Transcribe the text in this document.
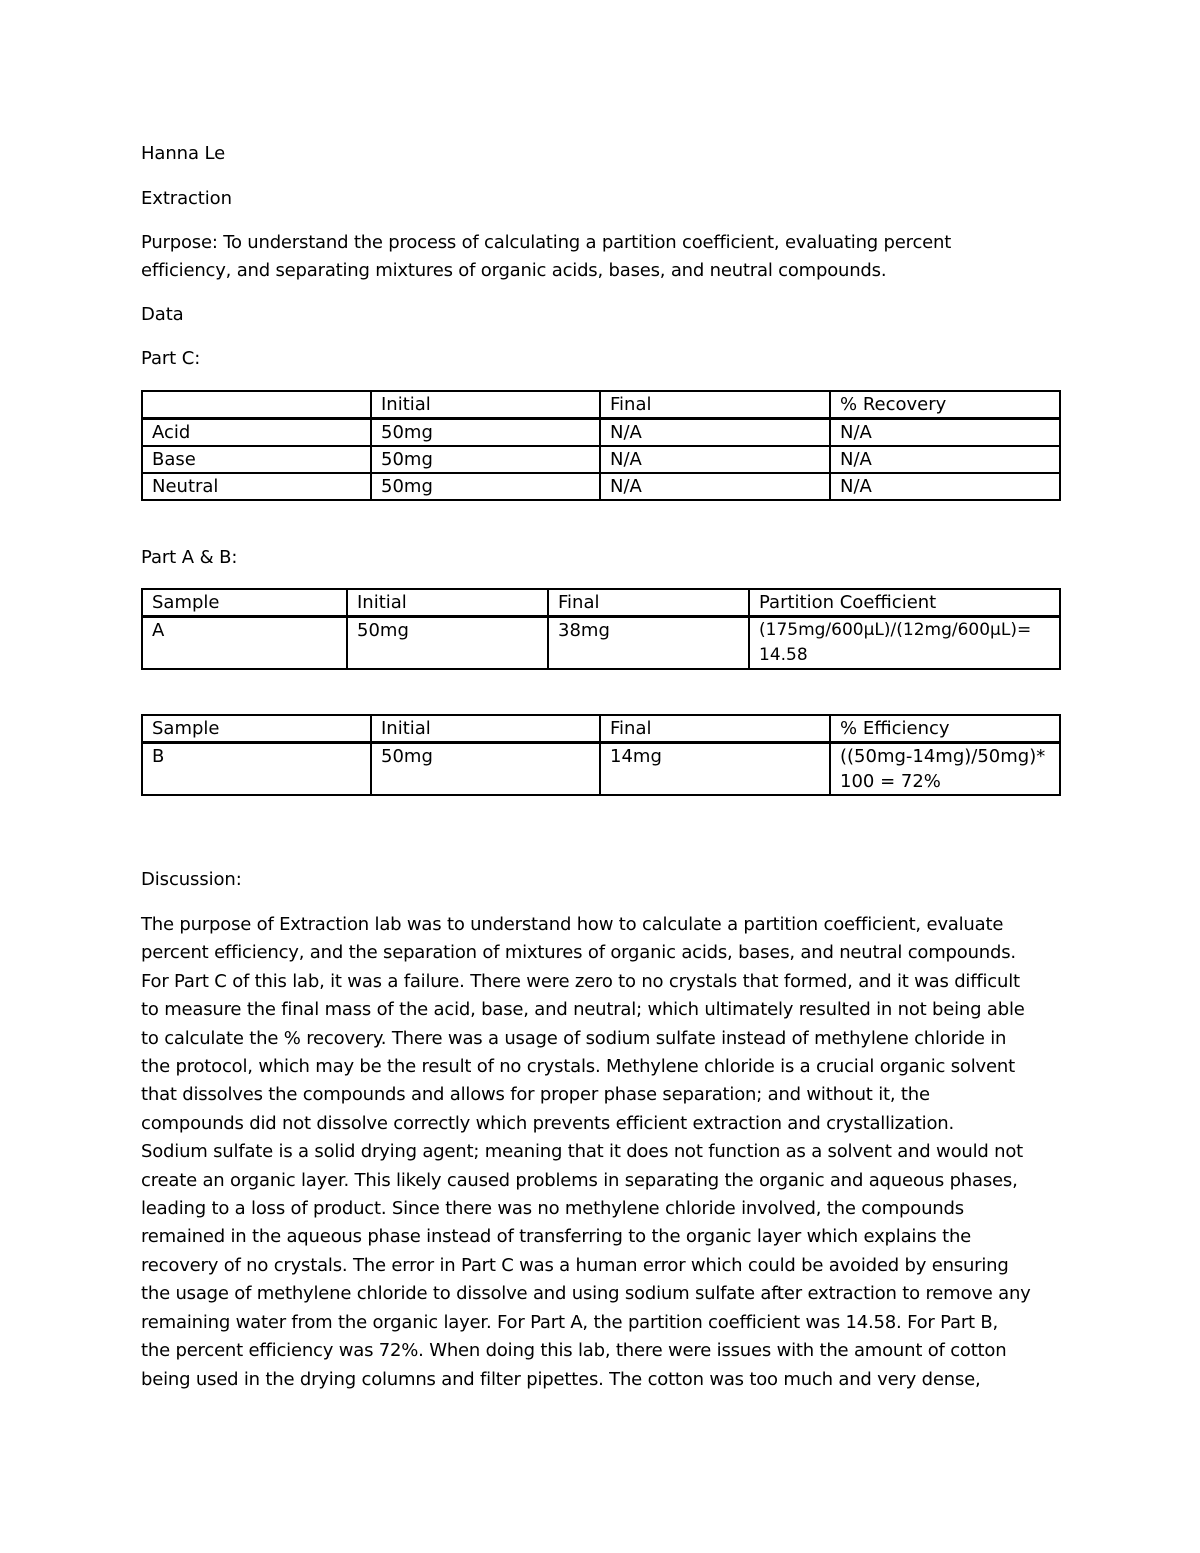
Hanna Le
Extraction
Purpose: To understand the process of calculating a partition coefficient, evaluating percent
efficiency, and separating mixtures of organic acids, bases, and neutral compounds.
Data
Part C:
	Initial	Final	% Recovery
Acid	50mg	N/A	N/A
Base	50mg	N/A	N/A
Neutral	50mg	N/A	N/A
Part A & B:
Sample	Initial	Final	Partition Coefficient
A	50mg	38mg	(175mg/600µL)/(12mg/600µL)= 14.58
Sample	Initial	Final	% Efficiency
B	50mg	14mg	((50mg-14mg)/50mg)*100 = 72%
Discussion:
The purpose of Extraction lab was to understand how to calculate a partition coefficient, evaluate
percent efficiency, and the separation of mixtures of organic acids, bases, and neutral compounds.
For Part C of this lab, it was a failure. There were zero to no crystals that formed, and it was difficult
to measure the final mass of the acid, base, and neutral; which ultimately resulted in not being able
to calculate the % recovery. There was a usage of sodium sulfate instead of methylene chloride in
the protocol, which may be the result of no crystals. Methylene chloride is a crucial organic solvent
that dissolves the compounds and allows for proper phase separation; and without it, the
compounds did not dissolve correctly which prevents efficient extraction and crystallization.
Sodium sulfate is a solid drying agent; meaning that it does not function as a solvent and would not
create an organic layer. This likely caused problems in separating the organic and aqueous phases,
leading to a loss of product. Since there was no methylene chloride involved, the compounds
remained in the aqueous phase instead of transferring to the organic layer which explains the
recovery of no crystals. The error in Part C was a human error which could be avoided by ensuring
the usage of methylene chloride to dissolve and using sodium sulfate after extraction to remove any
remaining water from the organic layer. For Part A, the partition coefficient was 14.58. For Part B,
the percent efficiency was 72%. When doing this lab, there were issues with the amount of cotton
being used in the drying columns and filter pipettes. The cotton was too much and very dense,
